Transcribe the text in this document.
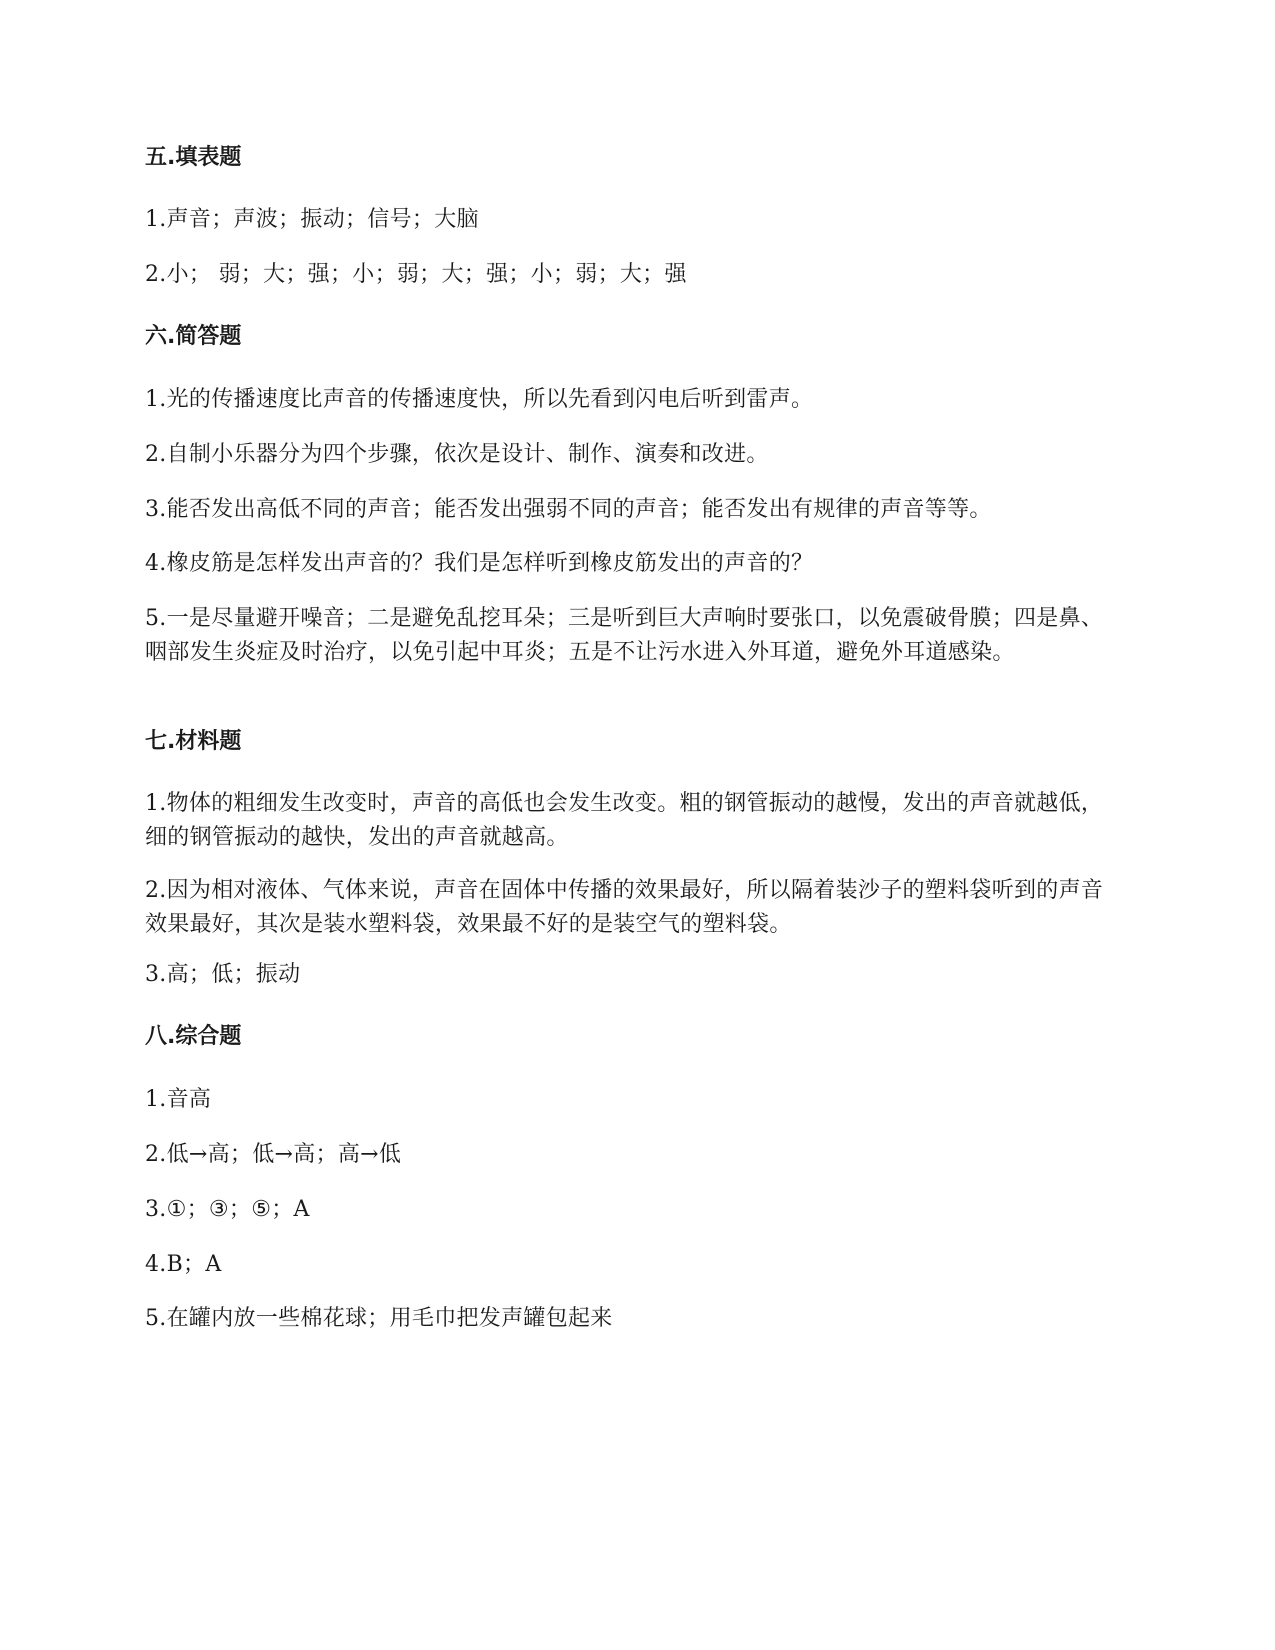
五.填表题
1.声音；声波；振动；信号；大脑
2.小； 弱；大；强；小；弱；大；强；小；弱；大；强
六.简答题
1.光的传播速度比声音的传播速度快，所以先看到闪电后听到雷声。
2.自制小乐器分为四个步骤，依次是设计、制作、演奏和改进。
3.能否发出高低不同的声音；能否发出强弱不同的声音；能否发出有规律的声音等等。
4.橡皮筋是怎样发出声音的？我们是怎样听到橡皮筋发出的声音的？
5.一是尽量避开噪音；二是避免乱挖耳朵；三是听到巨大声响时要张口，以免震破骨膜；四是鼻、咽部发生炎症及时治疗，以免引起中耳炎；五是不让污水进入外耳道，避免外耳道感染。
七.材料题
1.物体的粗细发生改变时，声音的高低也会发生改变。粗的钢管振动的越慢，发出的声音就越低，细的钢管振动的越快，发出的声音就越高。
2.因为相对液体、气体来说，声音在固体中传播的效果最好，所以隔着装沙子的塑料袋听到的声音效果最好，其次是装水塑料袋，效果最不好的是装空气的塑料袋。
3.高；低；振动
八.综合题
1.音高
2.低→高；低→高；高→低
3.①；③；⑤；A
4.B；A
5.在罐内放一些棉花球；用毛巾把发声罐包起来
